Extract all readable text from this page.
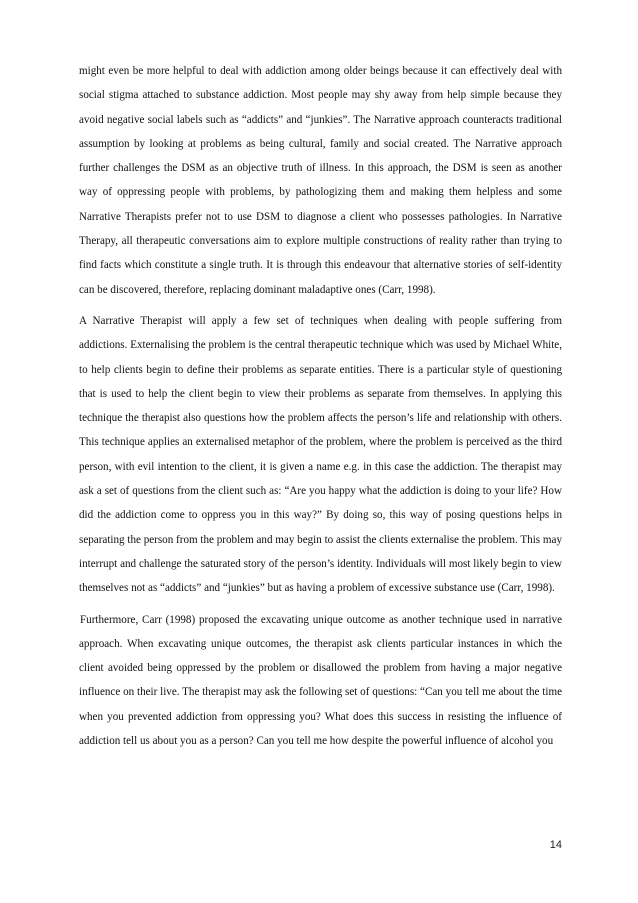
might even be more helpful to deal with addiction among older beings because it can effectively deal with social stigma attached to substance addiction. Most people may shy away from help simple because they avoid negative social labels such as “addicts” and “junkies”. The Narrative approach counteracts traditional assumption by looking at problems as being cultural, family and social created. The Narrative approach further challenges the DSM as an objective truth of illness. In this approach, the DSM is seen as another way of oppressing people with problems, by pathologizing them and making them helpless and some Narrative Therapists prefer not to use DSM to diagnose a client who possesses pathologies. In Narrative Therapy, all therapeutic conversations aim to explore multiple constructions of reality rather than trying to find facts which constitute a single truth. It is through this endeavour that alternative stories of self-identity can be discovered, therefore, replacing dominant maladaptive ones (Carr, 1998).

A Narrative Therapist will apply a few set of techniques when dealing with people suffering from addictions. Externalising the problem is the central therapeutic technique which was used by Michael White, to help clients begin to define their problems as separate entities. There is a particular style of questioning that is used to help the client begin to view their problems as separate from themselves. In applying this technique the therapist also questions how the problem affects the person’s life and relationship with others. This technique applies an externalised metaphor of the problem, where the problem is perceived as the third person, with evil intention to the client, it is given a name e.g. in this case the addiction. The therapist may ask a set of questions from the client such as: “Are you happy what the addiction is doing to your life? How did the addiction come to oppress you in this way?” By doing so, this way of posing questions helps in separating the person from the problem and may begin to assist the clients externalise the problem. This may interrupt and challenge the saturated story of the person’s identity. Individuals will most likely begin to view themselves not as “addicts” and “junkies” but as having a problem of excessive substance use (Carr, 1998).

Furthermore, Carr (1998) proposed the excavating unique outcome as another technique used in narrative approach. When excavating unique outcomes, the therapist ask clients particular instances in which the client avoided being oppressed by the problem or disallowed the problem from having a major negative influence on their live. The therapist may ask the following set of questions: “Can you tell me about the time when you prevented addiction from oppressing you? What does this success in resisting the influence of addiction tell us about you as a person? Can you tell me how despite the powerful influence of alcohol you

14
